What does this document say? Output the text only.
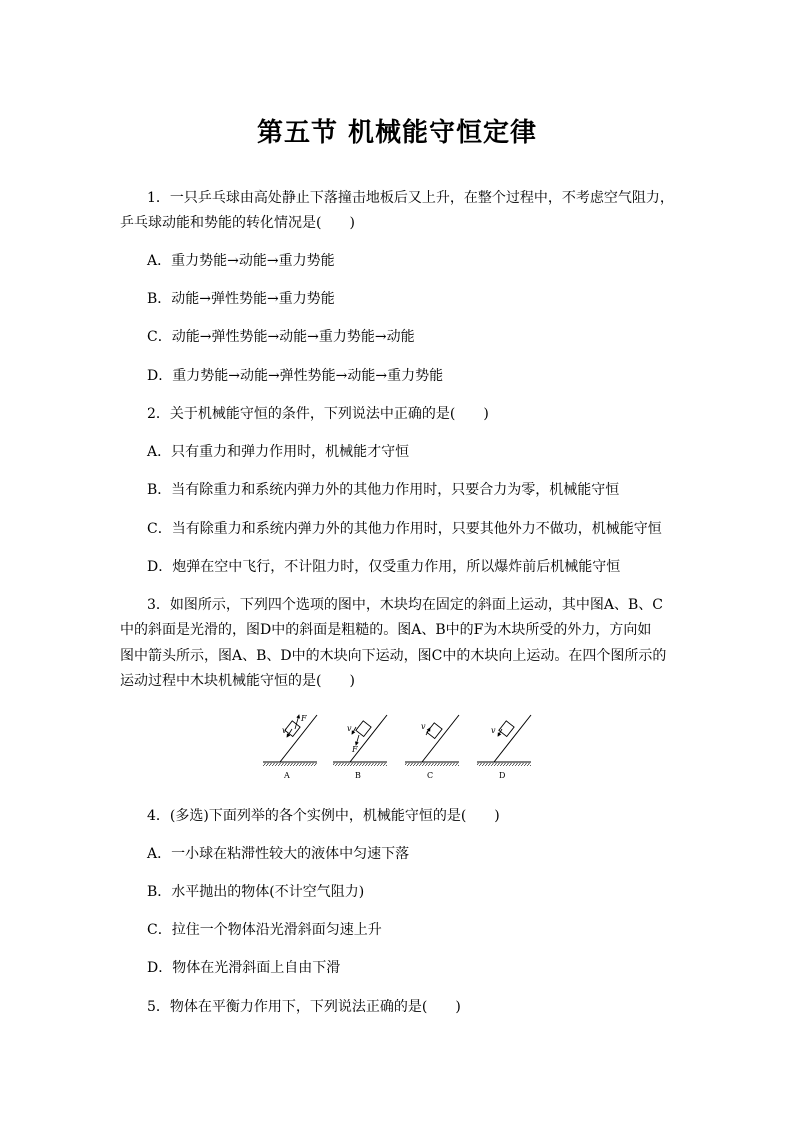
第五节 机械能守恒定律
1．一只乒乓球由高处静止下落撞击地板后又上升，在整个过程中，不考虑空气阻力，
乒乓球动能和势能的转化情况是(　　)
A．重力势能→动能→重力势能
B．动能→弹性势能→重力势能
C．动能→弹性势能→动能→重力势能→动能
D．重力势能→动能→弹性势能→动能→重力势能
2．关于机械能守恒的条件，下列说法中正确的是(　　)
A．只有重力和弹力作用时，机械能才守恒
B．当有除重力和系统内弹力外的其他力作用时，只要合力为零，机械能守恒
C．当有除重力和系统内弹力外的其他力作用时，只要其他外力不做功，机械能守恒
D．炮弹在空中飞行，不计阻力时，仅受重力作用，所以爆炸前后机械能守恒
3．如图所示，下列四个选项的图中，木块均在固定的斜面上运动，其中图A、B、C
中的斜面是光滑的，图D中的斜面是粗糙的。图A、B中的F为木块所受的外力，方向如
图中箭头所示，图A、B、D中的木块向下运动，图C中的木块向上运动。在四个图所示的
运动过程中木块机械能守恒的是(　　)
F
v
A
F
v
B
v
C
v
D
4．(多选)下面列举的各个实例中，机械能守恒的是(　　)
A．一小球在粘滞性较大的液体中匀速下落
B．水平抛出的物体(不计空气阻力)
C．拉住一个物体沿光滑斜面匀速上升
D．物体在光滑斜面上自由下滑
5．物体在平衡力作用下，下列说法正确的是(　　)
